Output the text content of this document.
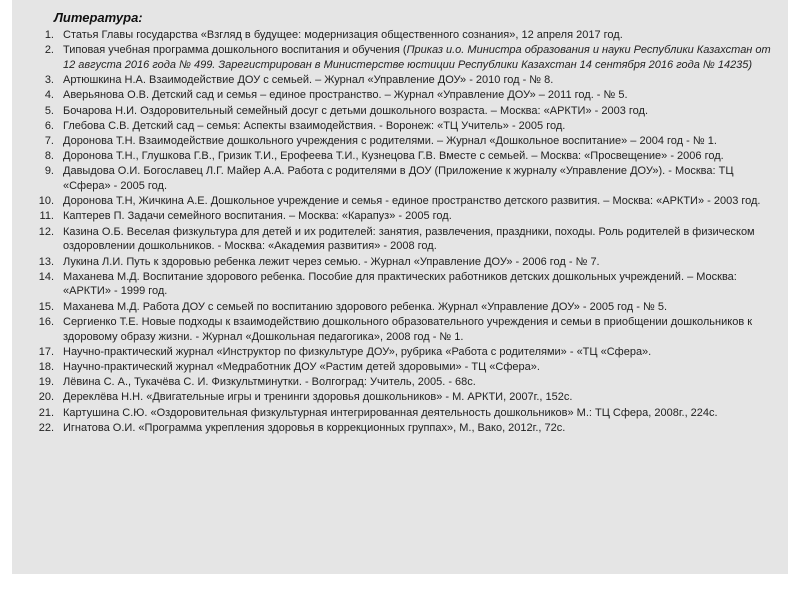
Литература:
1. Статья Главы государства «Взгляд в будущее: модернизация общественного сознания», 12 апреля 2017 год.
2. Типовая учебная программа дошкольного воспитания и обучения (Приказ и.о. Министра образования и науки Республики Казахстан от 12 августа 2016 года № 499. Зарегистрирован в Министерстве юстиции Республики Казахстан 14 сентября 2016 года № 14235)
3. Артюшкина Н.А. Взаимодействие ДОУ с семьей. – Журнал «Управление ДОУ» - 2010 год - № 8.
4. Аверьянова О.В. Детский сад и семья – единое пространство. – Журнал «Управление ДОУ» – 2011 год. - № 5.
5. Бочарова Н.И. Оздоровительный семейный досуг с детьми дошкольного возраста. – Москва: «АРКТИ» - 2003 год.
6. Глебова С.В. Детский сад – семья: Аспекты взаимодействия. - Воронеж: «ТЦ Учитель» - 2005 год.
7. Доронова Т.Н. Взаимодействие дошкольного учреждения с родителями. – Журнал «Дошкольное воспитание» – 2004 год - № 1.
8. Доронова Т.Н., Глушкова Г.В., Гризик Т.И., Ерофеева Т.И., Кузнецова Г.В. Вместе с семьей. – Москва: «Просвещение» - 2006 год.
9. Давыдова О.И. Богославец Л.Г. Майер А.А. Работа с родителями в ДОУ (Приложение к журналу «Управление ДОУ»). - Москва: ТЦ «Сфера» - 2005 год.
10. Доронова Т.Н, Жичкина А.Е. Дошкольное учреждение и семья - единое пространство детского развития. – Москва: «АРКТИ» - 2003 год.
11. Каптерев П. Задачи семейного воспитания. – Москва: «Карапуз» - 2005 год.
12. Казина О.Б. Веселая физкультура для детей и их родителей: занятия, развлечения, праздники, походы. Роль родителей в физическом оздоровлении дошкольников. - Москва: «Академия развития» - 2008 год.
13. Лукина Л.И. Путь к здоровью ребенка лежит через семью. - Журнал «Управление ДОУ» - 2006 год - № 7.
14. Маханева М.Д. Воспитание здорового ребенка. Пособие для практических работников детских дошкольных учреждений. – Москва: «АРКТИ» - 1999 год.
15. Маханева М.Д. Работа ДОУ с семьей по воспитанию здорового ребенка. Журнал «Управление ДОУ» - 2005 год - № 5.
16. Сергиенко Т.Е. Новые подходы к взаимодействию дошкольного образовательного учреждения и семьи в приобщении дошкольников к здоровому образу жизни. - Журнал «Дошкольная педагогика», 2008 год - № 1.
17. Научно-практический журнал «Инструктор по физкультуре ДОУ», рубрика «Работа с родителями» - «ТЦ «Сфера».
18. Научно-практический журнал «Медработник ДОУ «Растим детей здоровыми» - ТЦ «Сфера».
19. Лёвина С. А., Тукачёва С. И. Физкультминутки. - Волгоград: Учитель, 2005. - 68с.
20. Дереклёва Н.Н. «Двигательные игры и тренинги здоровья дошкольников» - М. АРКТИ, 2007г., 152с.
21. Картушина С.Ю. «Оздоровительная физкультурная интегрированная деятельность дошкольников» М.: ТЦ Сфера, 2008г., 224с.
22. Игнатова О.И. «Программа укрепления здоровья в коррекционных группах», М., Вако, 2012г., 72с.
